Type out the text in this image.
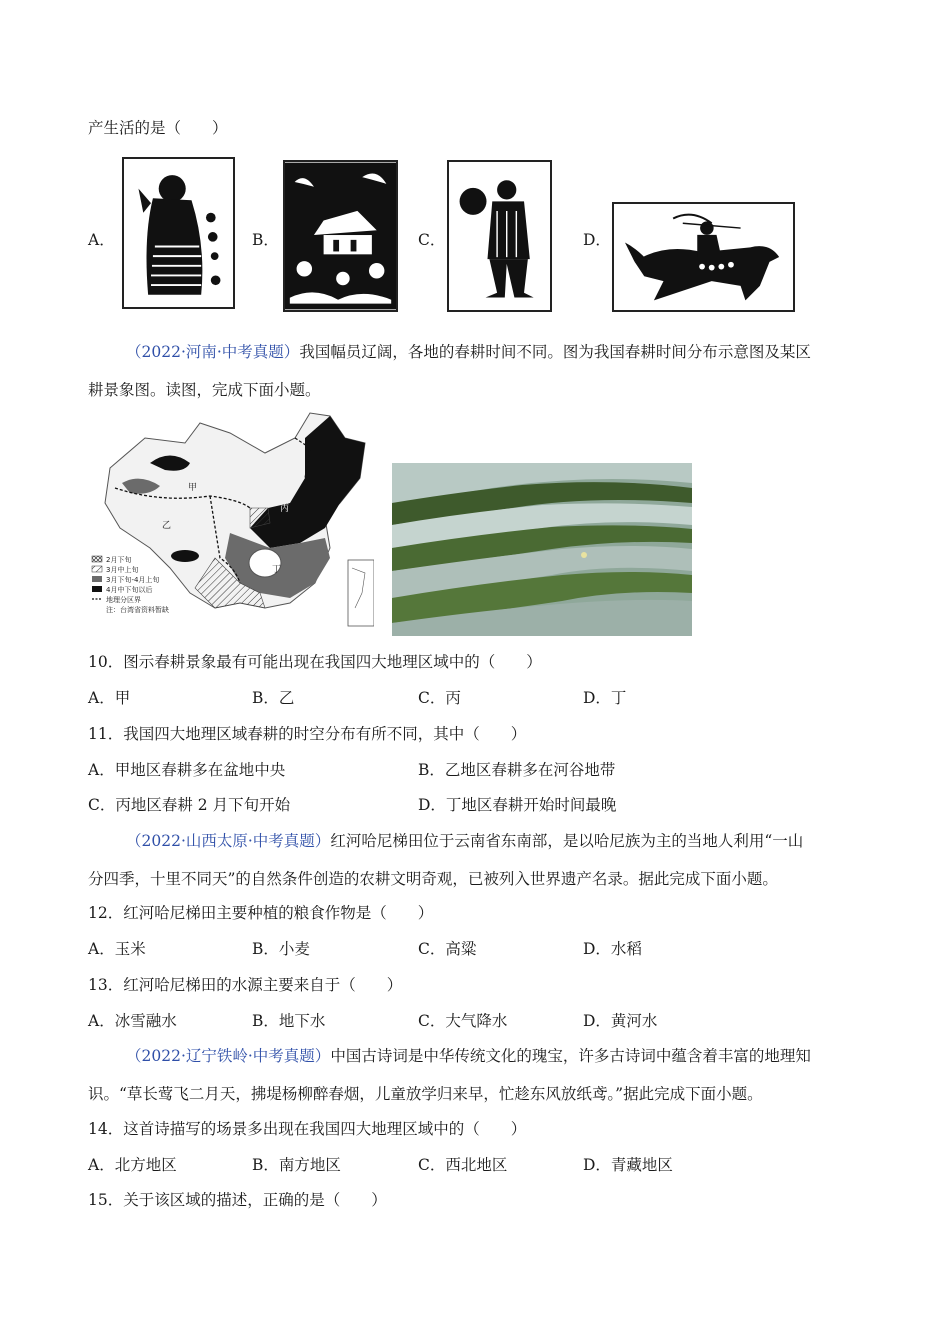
产生活的是（　　）
A．	B．	C．	D．
（2022·河南·中考真题）我国幅员辽阔，各地的春耕时间不同。图为我国春耕时间分布示意图及某区
耕景象图。读图，完成下面小题。
甲
乙
丙
丁
2月下旬
3月中上旬
3月下旬-4月上旬
4月中下旬以后
地理分区界
注：台湾省资料暂缺
10．图示春耕景象最有可能出现在我国四大地理区域中的（　　）
A．甲	B．乙	C．丙	D．丁
11．我国四大地理区域春耕的时空分布有所不同，其中（　　）
A．甲地区春耕多在盆地中央	B．乙地区春耕多在河谷地带
C．丙地区春耕 2 月下旬开始	D．丁地区春耕开始时间最晚
（2022·山西太原·中考真题）红河哈尼梯田位于云南省东南部，是以哈尼族为主的当地人利用“一山
分四季，十里不同天”的自然条件创造的农耕文明奇观，已被列入世界遗产名录。据此完成下面小题。
12．红河哈尼梯田主要种植的粮食作物是（　　）
A．玉米	B．小麦	C．高粱	D．水稻
13．红河哈尼梯田的水源主要来自于（　　）
A．冰雪融水	B．地下水	C．大气降水	D．黄河水
（2022·辽宁铁岭·中考真题）中国古诗词是中华传统文化的瑰宝，许多古诗词中蕴含着丰富的地理知
识。“草长莺飞二月天，拂堤杨柳醉春烟，儿童放学归来早，忙趁东风放纸鸢。”据此完成下面小题。
14．这首诗描写的场景多出现在我国四大地理区域中的（　　）
A．北方地区	B．南方地区	C．西北地区	D．青藏地区
15．关于该区域的描述，正确的是（　　）
